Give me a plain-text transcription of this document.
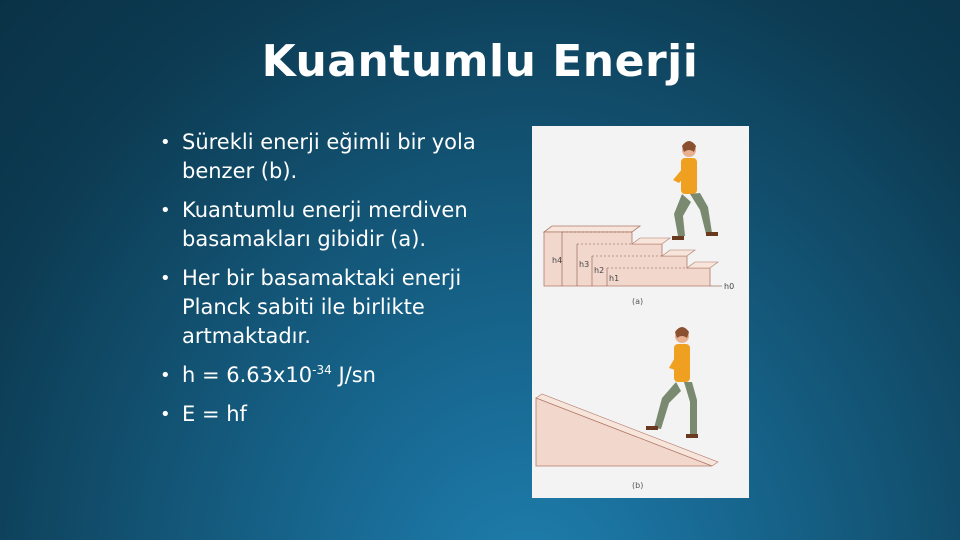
Kuantumlu Enerji
• Sürekli enerji eğimli bir yola benzer (b).
• Kuantumlu enerji merdiven basamakları gibidir (a).
• Her bir basamaktaki enerji Planck sabiti ile birlikte artmaktadır.
• $h = 6.63x10^{-34}$ J/sn
• E = hf
h4 h3
h2
h1
h0
(a)
(b)
